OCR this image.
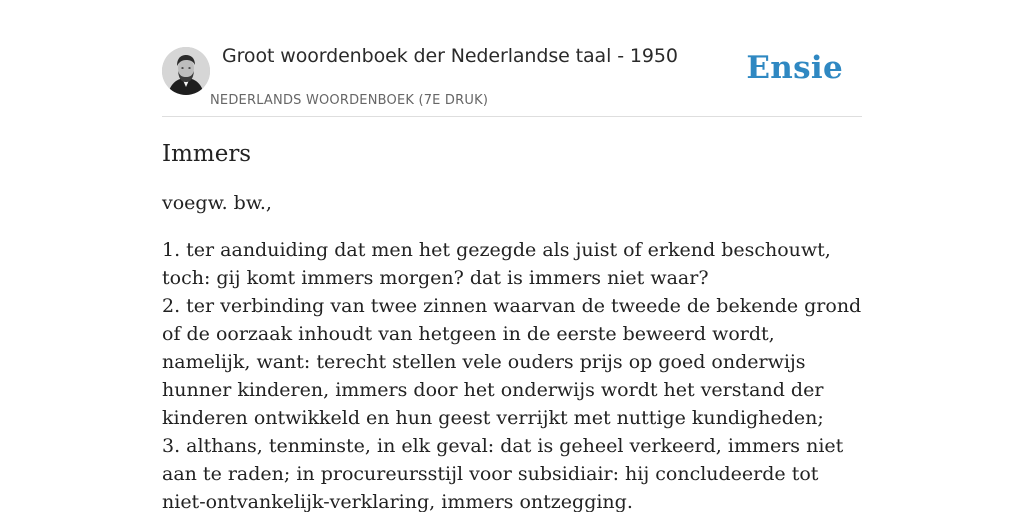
Groot woordenboek der Nederlandse taal - 1950
NEDERLANDS WOORDENBOEK (7E DRUK)
Ensie
Immers
voegw. bw.,
1. ter aanduiding dat men het gezegde als juist of erkend beschouwt, toch: gij komt immers morgen? dat is immers niet waar?
2. ter verbinding van twee zinnen waarvan de tweede de bekende grond of de oorzaak inhoudt van hetgeen in de eerste beweerd wordt, namelijk, want: terecht stellen vele ouders prijs op goed onderwijs hunner kinderen, immers door het onderwijs wordt het verstand der kinderen ontwikkeld en hun geest verrijkt met nuttige kundigheden;
3. althans, tenminste, in elk geval: dat is geheel verkeerd, immers niet aan te raden; in procureursstijl voor subsidiair: hij concludeerde tot niet-ontvankelijk-verklaring, immers ontzegging.
